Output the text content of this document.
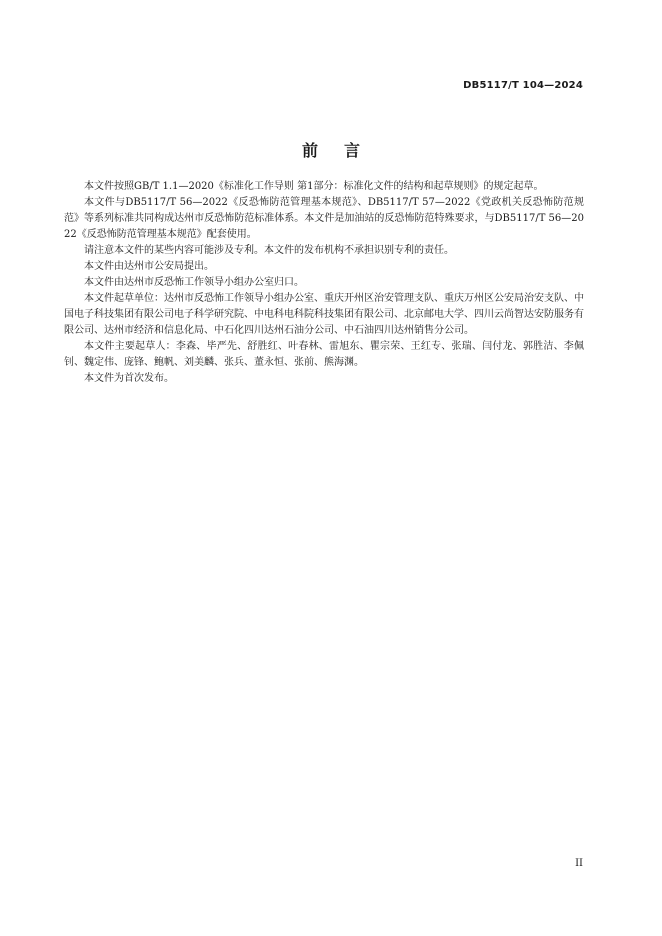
DB5117/T 104—2024
前言

本文件按照GB/T 1.1—2020《标准化工作导则 第1部分：标准化文件的结构和起草规则》的规定起草。

本文件与DB5117/T 56—2022《反恐怖防范管理基本规范》、DB5117/T 57—2022《党政机关反恐怖防范规范》等系列标准共同构成达州市反恐怖防范标准体系。本文件是加油站的反恐怖防范特殊要求，与DB5117/T 56—2022《反恐怖防范管理基本规范》配套使用。

请注意本文件的某些内容可能涉及专利。本文件的发布机构不承担识别专利的责任。

本文件由达州市公安局提出。

本文件由达州市反恐怖工作领导小组办公室归口。

本文件起草单位：达州市反恐怖工作领导小组办公室、重庆开州区治安管理支队、重庆万州区公安局治安支队、中国电子科技集团有限公司电子科学研究院、中电科电科院科技集团有限公司、北京邮电大学、四川云尚智达安防服务有限公司、达州市经济和信息化局、中石化四川达州石油分公司、中石油四川达州销售分公司。

本文件主要起草人：李森、毕严先、舒胜红、叶春林、雷旭东、瞿宗荣、王红专、张瑞、闫付龙、郭胜洁、李佩钊、魏定伟、庞锋、鲍帆、刘美麟、张兵、董永恒、张前、熊海渊。

本文件为首次发布。

II
